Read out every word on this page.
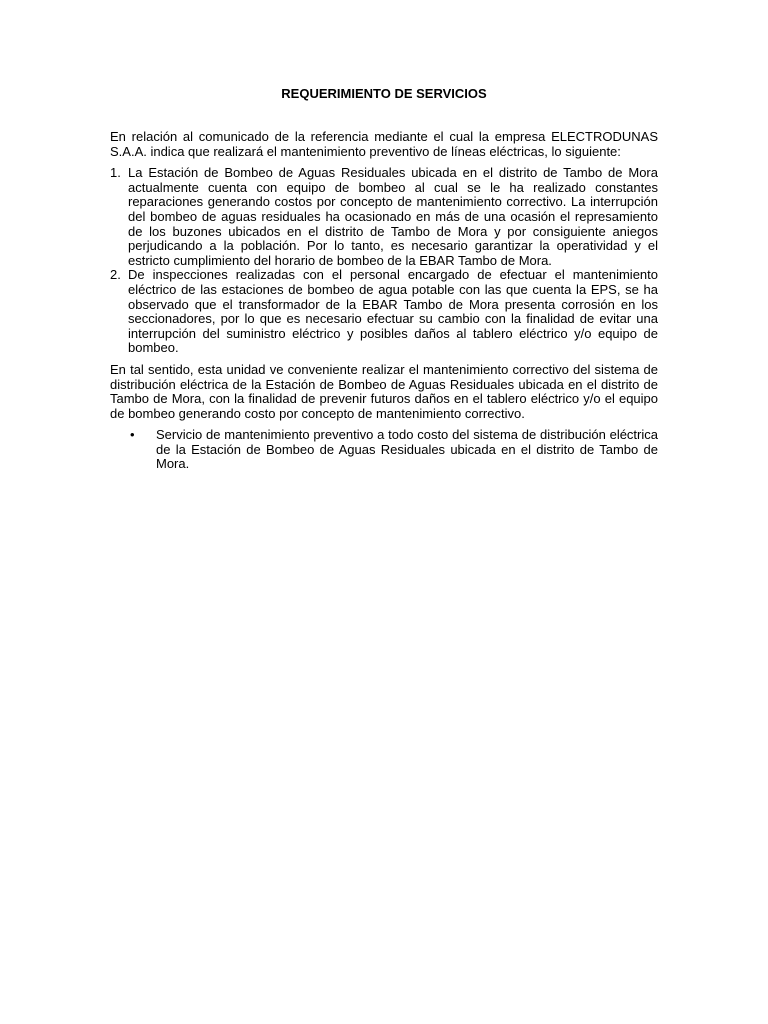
REQUERIMIENTO DE SERVICIOS

En relación al comunicado de la referencia mediante el cual la empresa ELECTRODUNAS S.A.A. indica que realizará el mantenimiento preventivo de líneas eléctricas, lo siguiente:

1. La Estación de Bombeo de Aguas Residuales ubicada en el distrito de Tambo de Mora actualmente cuenta con equipo de bombeo al cual se le ha realizado constantes reparaciones generando costos por concepto de mantenimiento correctivo. La interrupción del bombeo de aguas residuales ha ocasionado en más de una ocasión el represamiento de los buzones ubicados en el distrito de Tambo de Mora y por consiguiente aniegos perjudicando a la población. Por lo tanto, es necesario garantizar la operatividad y el estricto cumplimiento del horario de bombeo de la EBAR Tambo de Mora.
2. De inspecciones realizadas con el personal encargado de efectuar el mantenimiento eléctrico de las estaciones de bombeo de agua potable con las que cuenta la EPS, se ha observado que el transformador de la EBAR Tambo de Mora presenta corrosión en los seccionadores, por lo que es necesario efectuar su cambio con la finalidad de evitar una interrupción del suministro eléctrico y posibles daños al tablero eléctrico y/o equipo de bombeo.

En tal sentido, esta unidad ve conveniente realizar el mantenimiento correctivo del sistema de distribución eléctrica de la Estación de Bombeo de Aguas Residuales ubicada en el distrito de Tambo de Mora, con la finalidad de prevenir futuros daños en el tablero eléctrico y/o el equipo de bombeo generando costo por concepto de mantenimiento correctivo.

• Servicio de mantenimiento preventivo a todo costo del sistema de distribución eléctrica de la Estación de Bombeo de Aguas Residuales ubicada en el distrito de Tambo de Mora.
